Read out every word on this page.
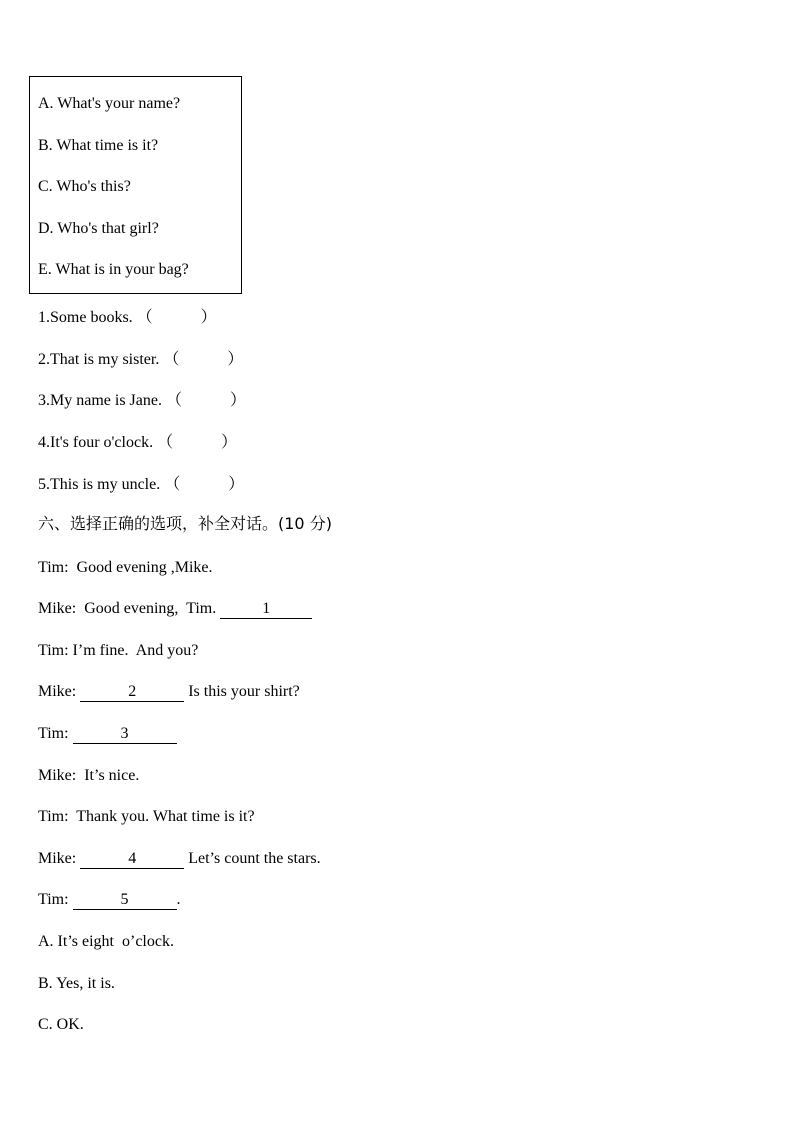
A. What's your name?
B. What time is it?
C. Who's this?
D. Who's that girl?
E. What is in your bag?
1.Some books. （　　　）
2.That is my sister. （　　　）
3.My name is Jane. （　　　）
4.It's four o'clock. （　　　）
5.This is my uncle. （　　　）
六、选择正确的选项，补全对话。(10 分)
Tim:  Good evening ,Mike.
Mike:  Good evening,  Tim.	1
Tim: I’m fine.  And you?
Mike:	2	Is this your shirt?
Tim:	3
Mike:  It’s nice.
Tim:  Thank you. What time is it?
Mike:	4	Let’s count the stars.
Tim:	5	.
A. It’s eight  o’clock.
B. Yes, it is.
C. OK.
